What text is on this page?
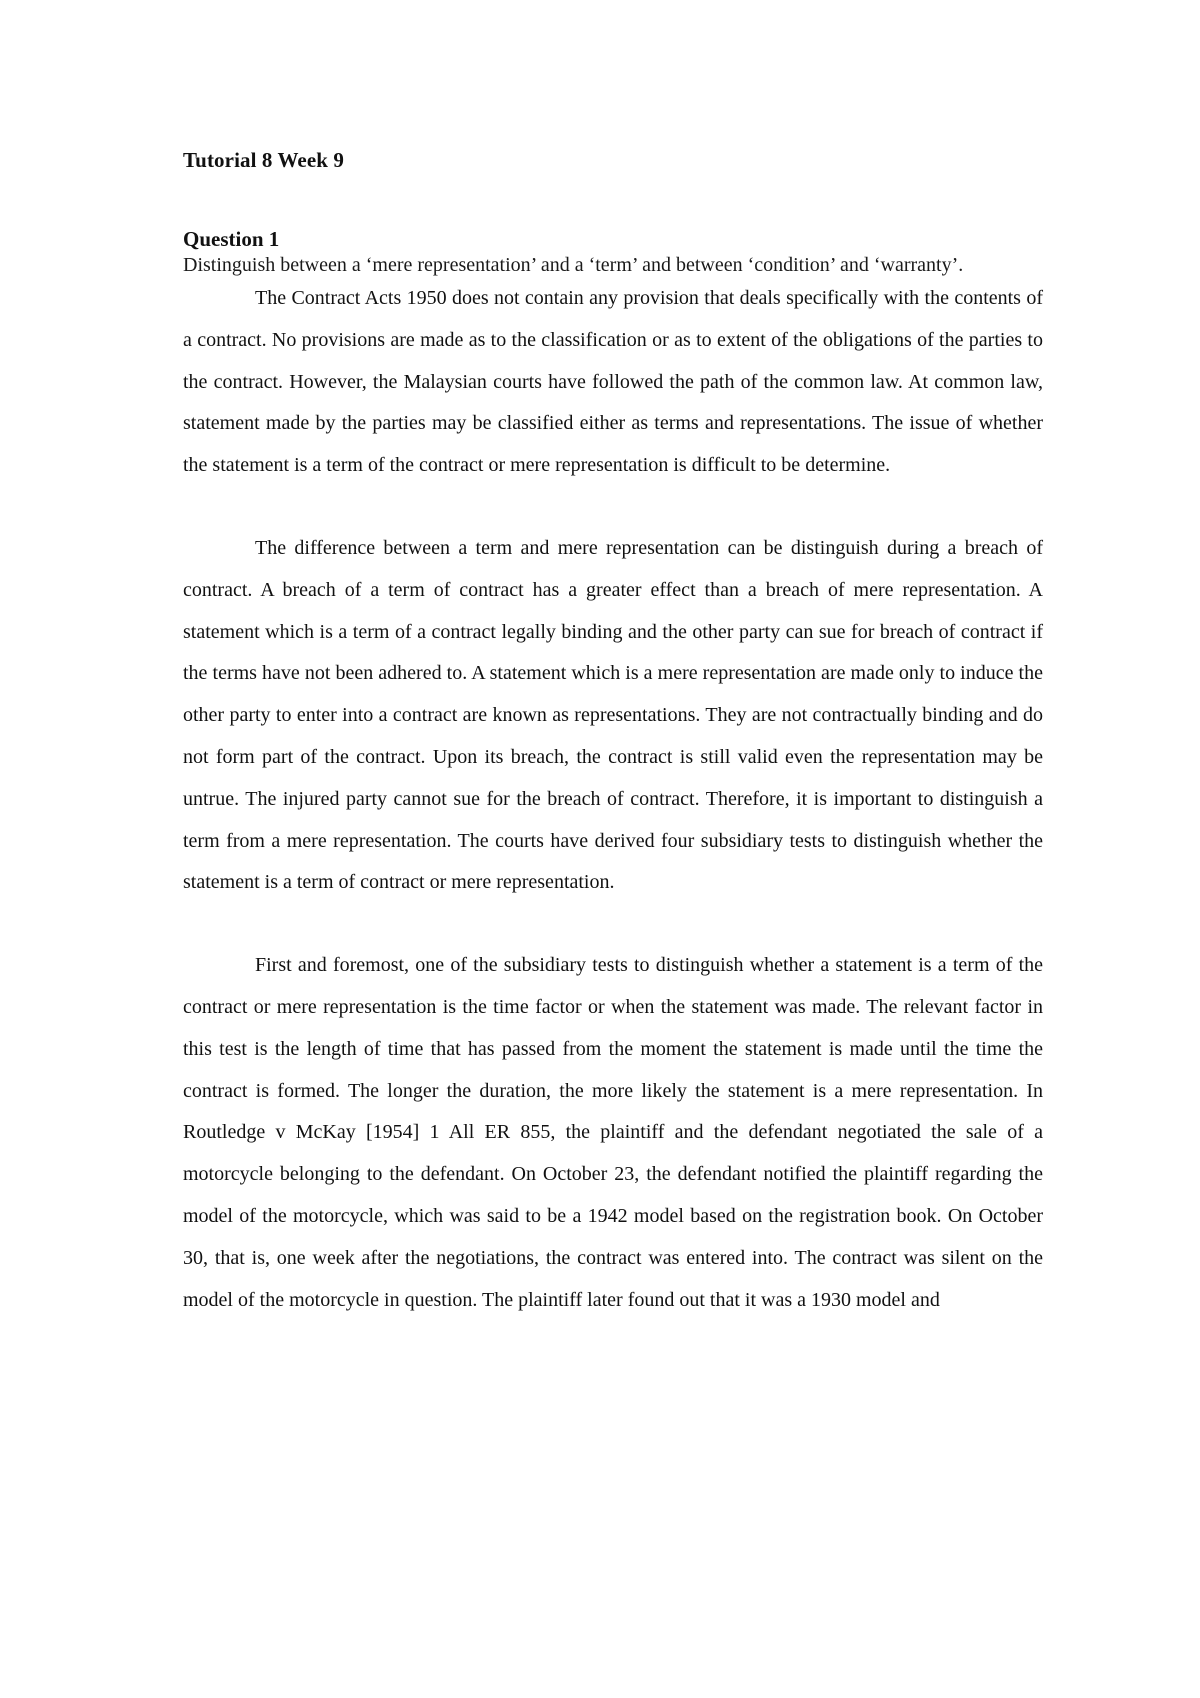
Tutorial 8 Week 9

Question 1

Distinguish between a ‘mere representation’ and a ‘term’ and between ‘condition’ and ‘warranty’.

The Contract Acts 1950 does not contain any provision that deals specifically with the contents of a contract. No provisions are made as to the classification or as to extent of the obligations of the parties to the contract. However, the Malaysian courts have followed the path of the common law. At common law, statement made by the parties may be classified either as terms and representations. The issue of whether the statement is a term of the contract or mere representation is difficult to be determine.

The difference between a term and mere representation can be distinguish during a breach of contract. A breach of a term of contract has a greater effect than a breach of mere representation. A statement which is a term of a contract legally binding and the other party can sue for breach of contract if the terms have not been adhered to. A statement which is a mere representation are made only to induce the other party to enter into a contract are known as representations. They are not contractually binding and do not form part of the contract. Upon its breach, the contract is still valid even the representation may be untrue. The injured party cannot sue for the breach of contract. Therefore, it is important to distinguish a term from a mere representation. The courts have derived four subsidiary tests to distinguish whether the statement is a term of contract or mere representation.

First and foremost, one of the subsidiary tests to distinguish whether a statement is a term of the contract or mere representation is the time factor or when the statement was made. The relevant factor in this test is the length of time that has passed from the moment the statement is made until the time the contract is formed. The longer the duration, the more likely the statement is a mere representation. In Routledge v McKay [1954] 1 All ER 855, the plaintiff and the defendant negotiated the sale of a motorcycle belonging to the defendant. On October 23, the defendant notified the plaintiff regarding the model of the motorcycle, which was said to be a 1942 model based on the registration book. On October 30, that is, one week after the negotiations, the contract was entered into. The contract was silent on the model of the motorcycle in question. The plaintiff later found out that it was a 1930 model and
